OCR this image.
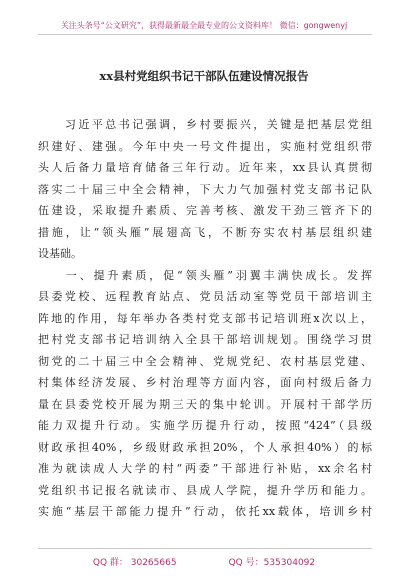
关注头条号“公文研究”，获得最新最全最专业的公文资料库！ 微信：gongwenyj
xx县村党组织书记干部队伍建设情况报告
　　习近平总书记强调，乡村要振兴，关键是把基层党组
织建好、建强。今年中央一号文件提出，实施村党组织带
头人后备力量培育储备三年行动。近年来，xx县认真贯彻
落实二十届三中全会精神，下大力气加强村党支部书记队
伍建设，采取提升素质、完善考核、激发干劲三管齐下的
措施，让“领头雁”展翅高飞，不断夯实农村基层组织建
设基础。
　　一、提升素质，促“领头雁”羽翼丰满快成长。发挥
县委党校、远程教育站点、党员活动室等党员干部培训主
阵地的作用，每年举办各类村党支部书记培训班x次以上，
把村党支部书记培训纳入全县干部培训规划。围绕学习贯
彻党的二十届三中全会精神、党规党纪、农村基层党建、
村集体经济发展、乡村治理等方面内容，面向村级后备力
量在县委党校开展为期三天的集中轮训。开展村干部学历
能力双提升行动。实施学历提升行动，按照“424”（县级
财政承担40%，乡级财政承担20%，个人承担40%）的标
准为就读成人大学的村“两委”干部进行补贴，xx余名村
党组织书记报名就读市、县成人学院，提升学历和能力。
实施“基层干部能力提升”行动，依托xx载体，培训乡村
QQ 群： 30265665	QQ 号：535304092
